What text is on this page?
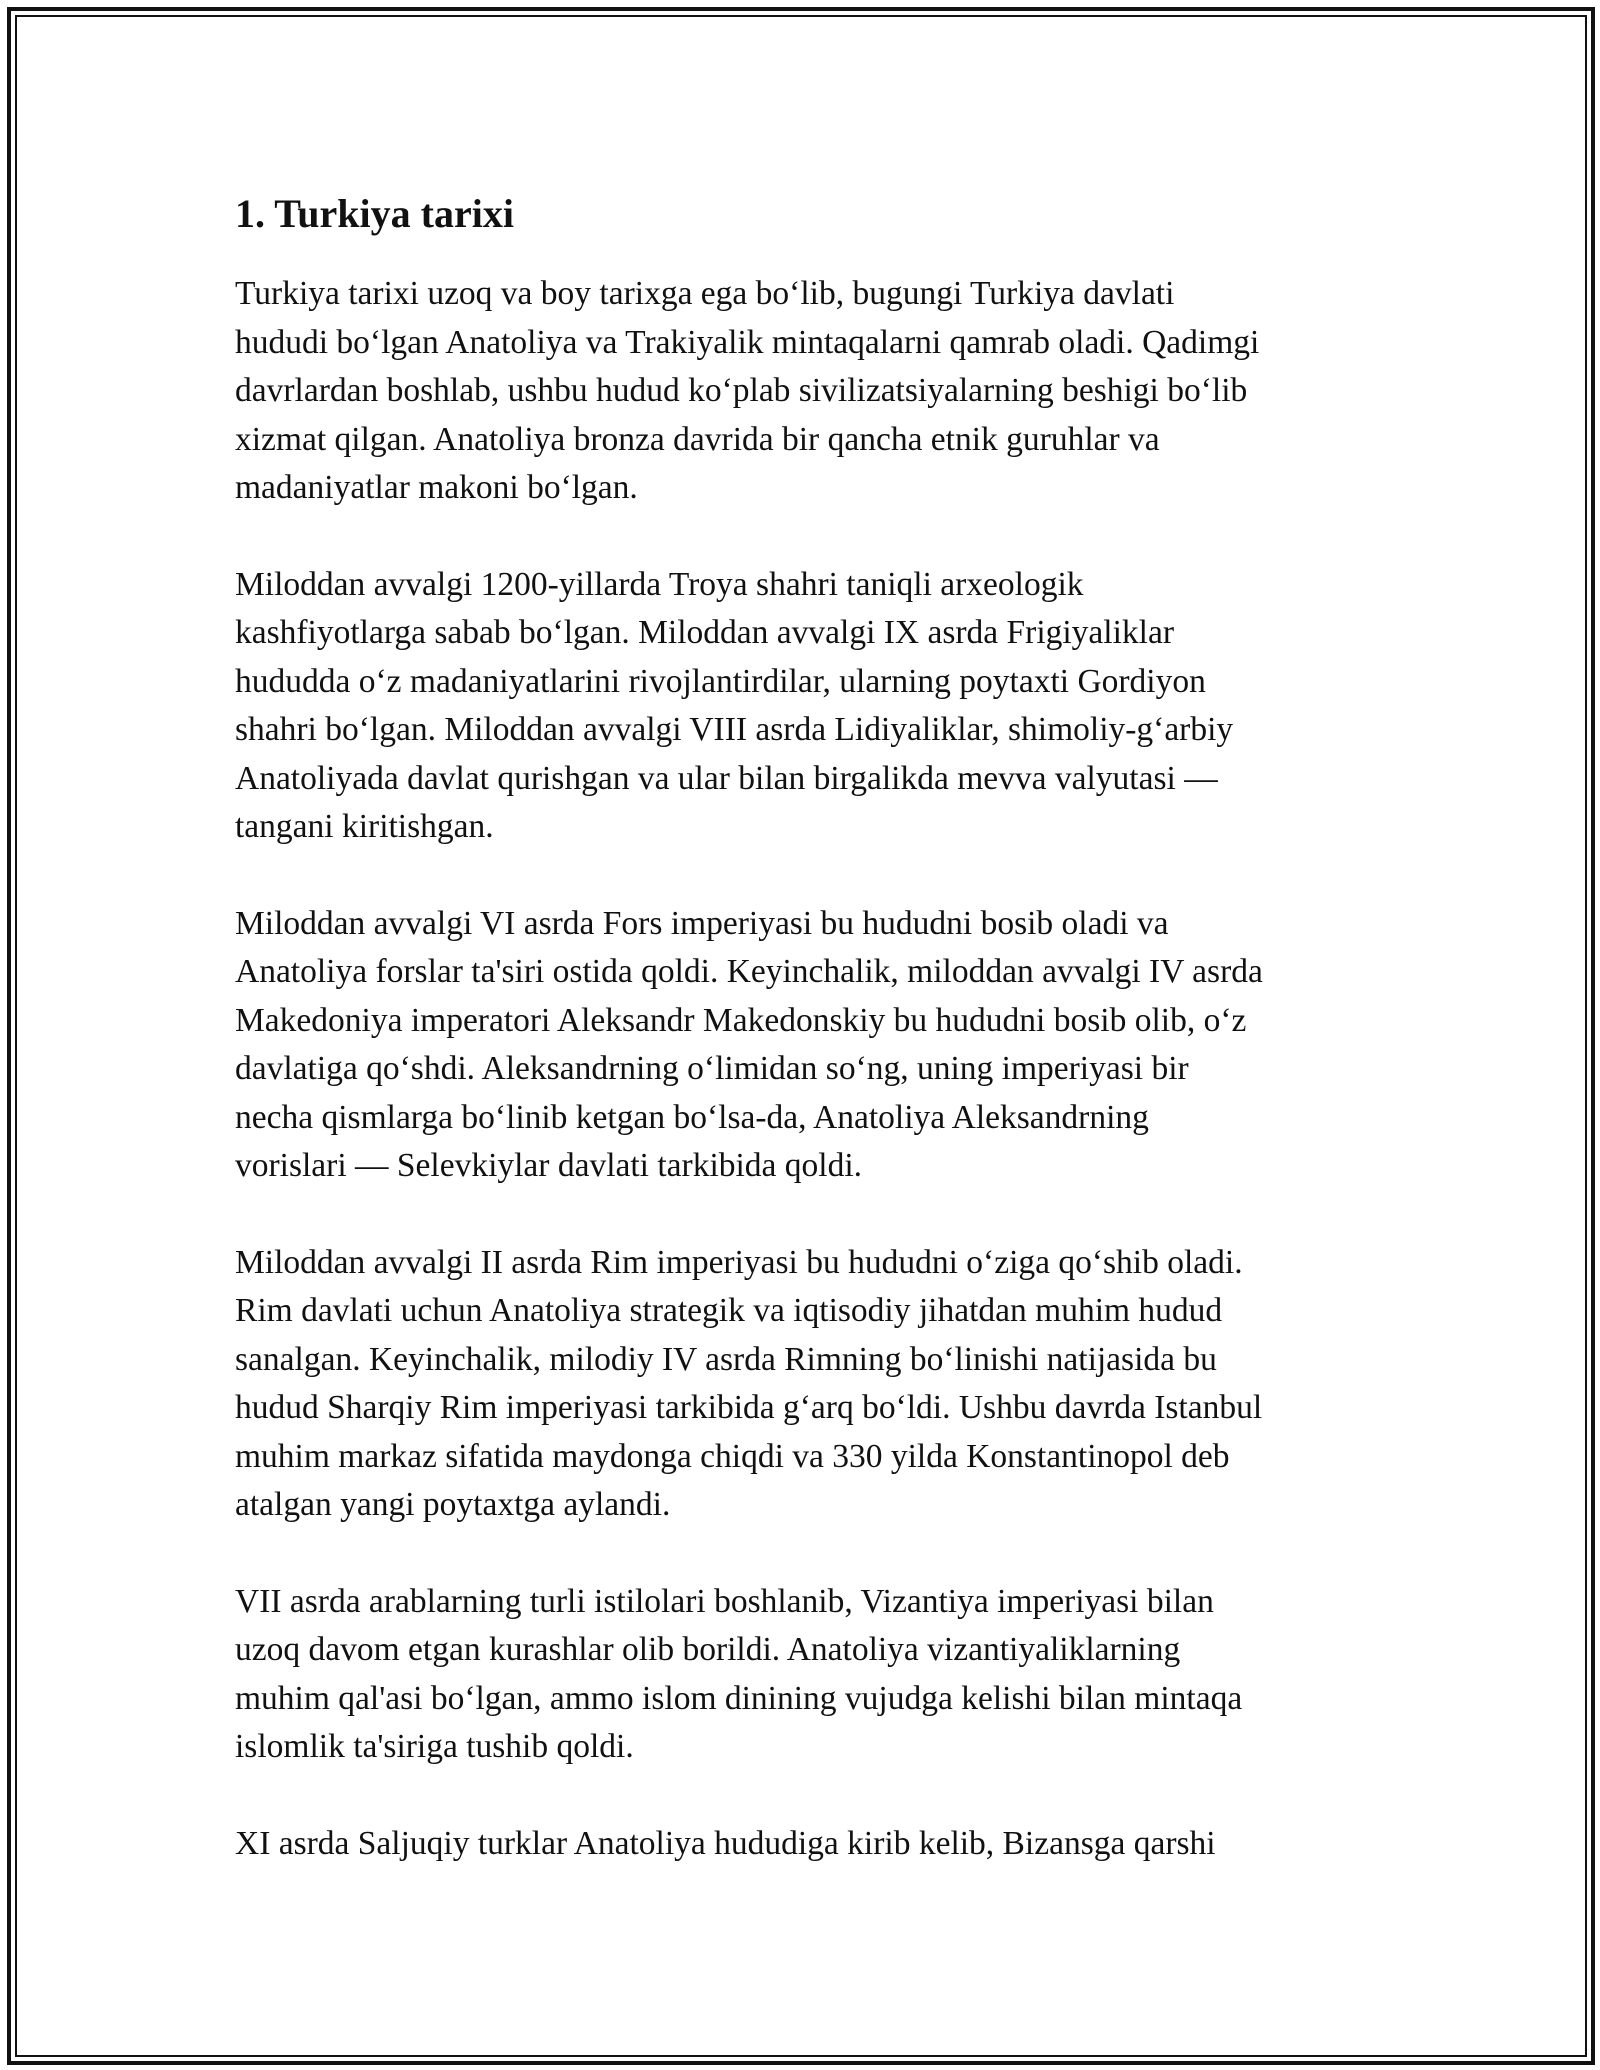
1. Turkiya tarixi

Turkiya tarixi uzoq va boy tarixga ega bo‘lib, bugungi Turkiya davlati
hududi bo‘lgan Anatoliya va Trakiyalik mintaqalarni qamrab oladi. Qadimgi
davrlardan boshlab, ushbu hudud ko‘plab sivilizatsiyalarning beshigi bo‘lib
xizmat qilgan. Anatoliya bronza davrida bir qancha etnik guruhlar va
madaniyatlar makoni bo‘lgan.

Miloddan avvalgi 1200-yillarda Troya shahri taniqli arxeologik
kashfiyotlarga sabab bo‘lgan. Miloddan avvalgi IX asrda Frigiyaliklar
hududda o‘z madaniyatlarini rivojlantirdilar, ularning poytaxti Gordiyon
shahri bo‘lgan. Miloddan avvalgi VIII asrda Lidiyaliklar, shimoliy-g‘arbiy
Anatoliyada davlat qurishgan va ular bilan birgalikda mevva valyutasi —
tangani kiritishgan.

Miloddan avvalgi VI asrda Fors imperiyasi bu hududni bosib oladi va
Anatoliya forslar ta'siri ostida qoldi. Keyinchalik, miloddan avvalgi IV asrda
Makedoniya imperatori Aleksandr Makedonskiy bu hududni bosib olib, o‘z
davlatiga qo‘shdi. Aleksandrning o‘limidan so‘ng, uning imperiyasi bir
necha qismlarga bo‘linib ketgan bo‘lsa-da, Anatoliya Aleksandrning
vorislari — Selevkiylar davlati tarkibida qoldi.

Miloddan avvalgi II asrda Rim imperiyasi bu hududni o‘ziga qo‘shib oladi.
Rim davlati uchun Anatoliya strategik va iqtisodiy jihatdan muhim hudud
sanalgan. Keyinchalik, milodiy IV asrda Rimning bo‘linishi natijasida bu
hudud Sharqiy Rim imperiyasi tarkibida g‘arq bo‘ldi. Ushbu davrda Istanbul
muhim markaz sifatida maydonga chiqdi va 330 yilda Konstantinopol deb
atalgan yangi poytaxtga aylandi.

VII asrda arablarning turli istilolari boshlanib, Vizantiya imperiyasi bilan
uzoq davom etgan kurashlar olib borildi. Anatoliya vizantiyaliklarning
muhim qal'asi bo‘lgan, ammo islom dinining vujudga kelishi bilan mintaqa
islomlik ta'siriga tushib qoldi.

XI asrda Saljuqiy turklar Anatoliya hududiga kirib kelib, Bizansga qarshi
